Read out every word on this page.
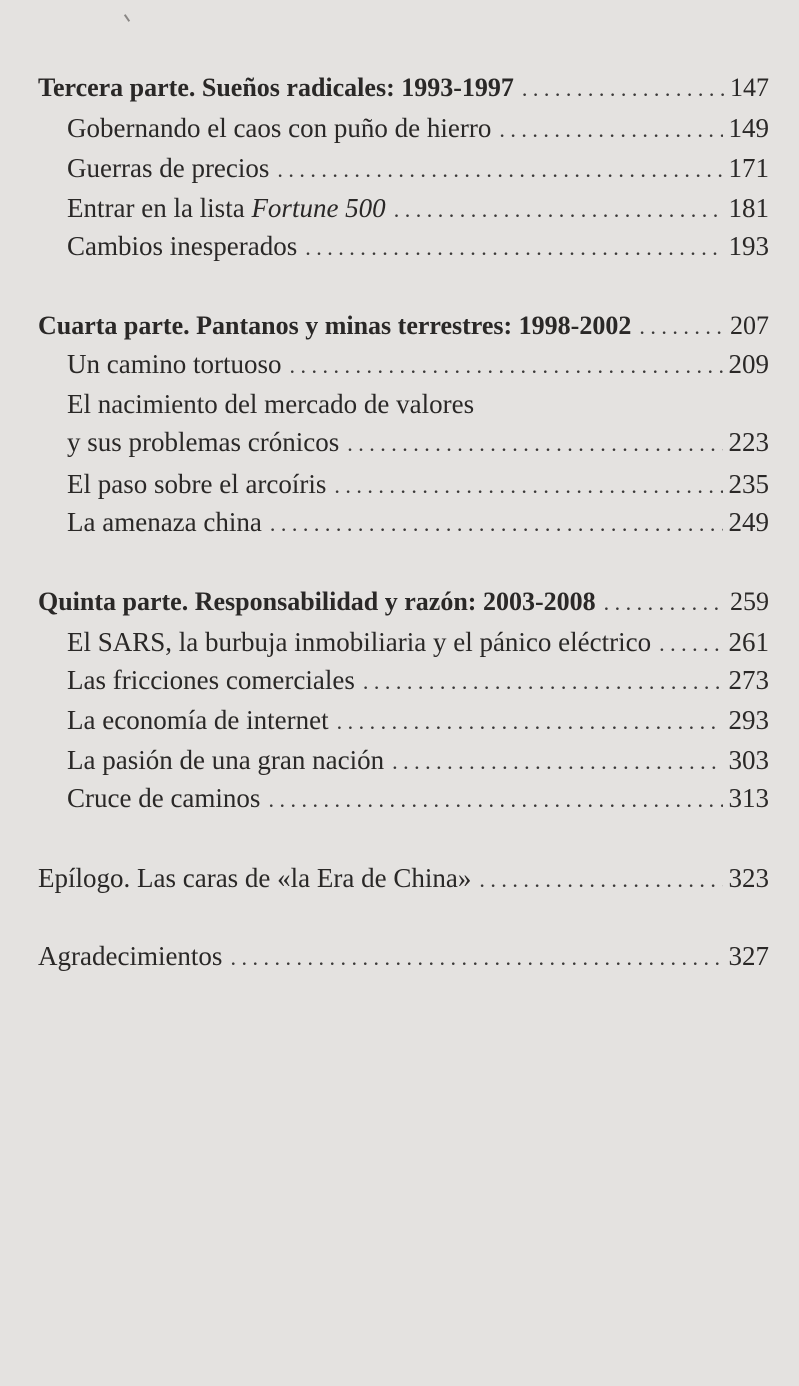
Tercera parte. Sueños radicales: 1993-1997 . . .	147
Gobernando el caos con puño de hierro . . .	149
Guerras de precios . . .	171
Entrar en la lista Fortune 500 . . .	181
Cambios inesperados . . .	193
Cuarta parte. Pantanos y minas terrestres: 1998-2002 . . .	207
Un camino tortuoso . . .	209
El nacimiento del mercado de valores
y sus problemas crónicos . . .	223
El paso sobre el arcoíris . . .	235
La amenaza china . . .	249
Quinta parte. Responsabilidad y razón: 2003-2008 . . .	259
El SARS, la burbuja inmobiliaria y el pánico eléctrico . . .	261
Las fricciones comerciales . . .	273
La economía de internet . . .	293
La pasión de una gran nación . . .	303
Cruce de caminos . . .	313
Epílogo. Las caras de «la Era de China» . . .	323
Agradecimientos . . .	327
